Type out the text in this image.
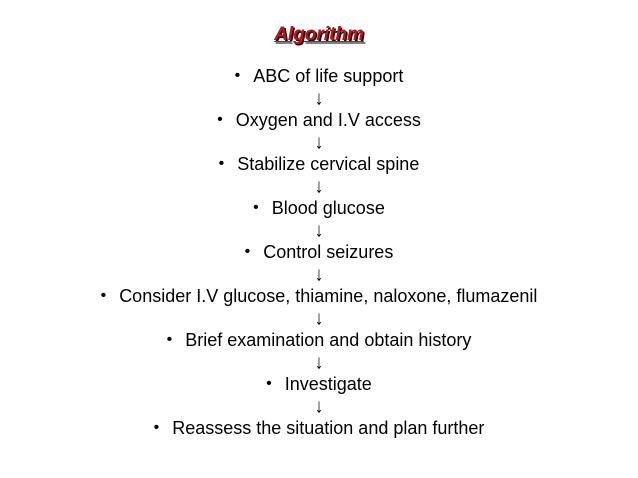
Algorithm
• ABC of life support
↓
• Oxygen and I.V access
↓
• Stabilize cervical spine
↓
• Blood glucose
↓
• Control seizures
↓
• Consider I.V glucose, thiamine, naloxone, flumazenil
↓
• Brief examination and obtain history
↓
• Investigate
↓
• Reassess the situation and plan further
